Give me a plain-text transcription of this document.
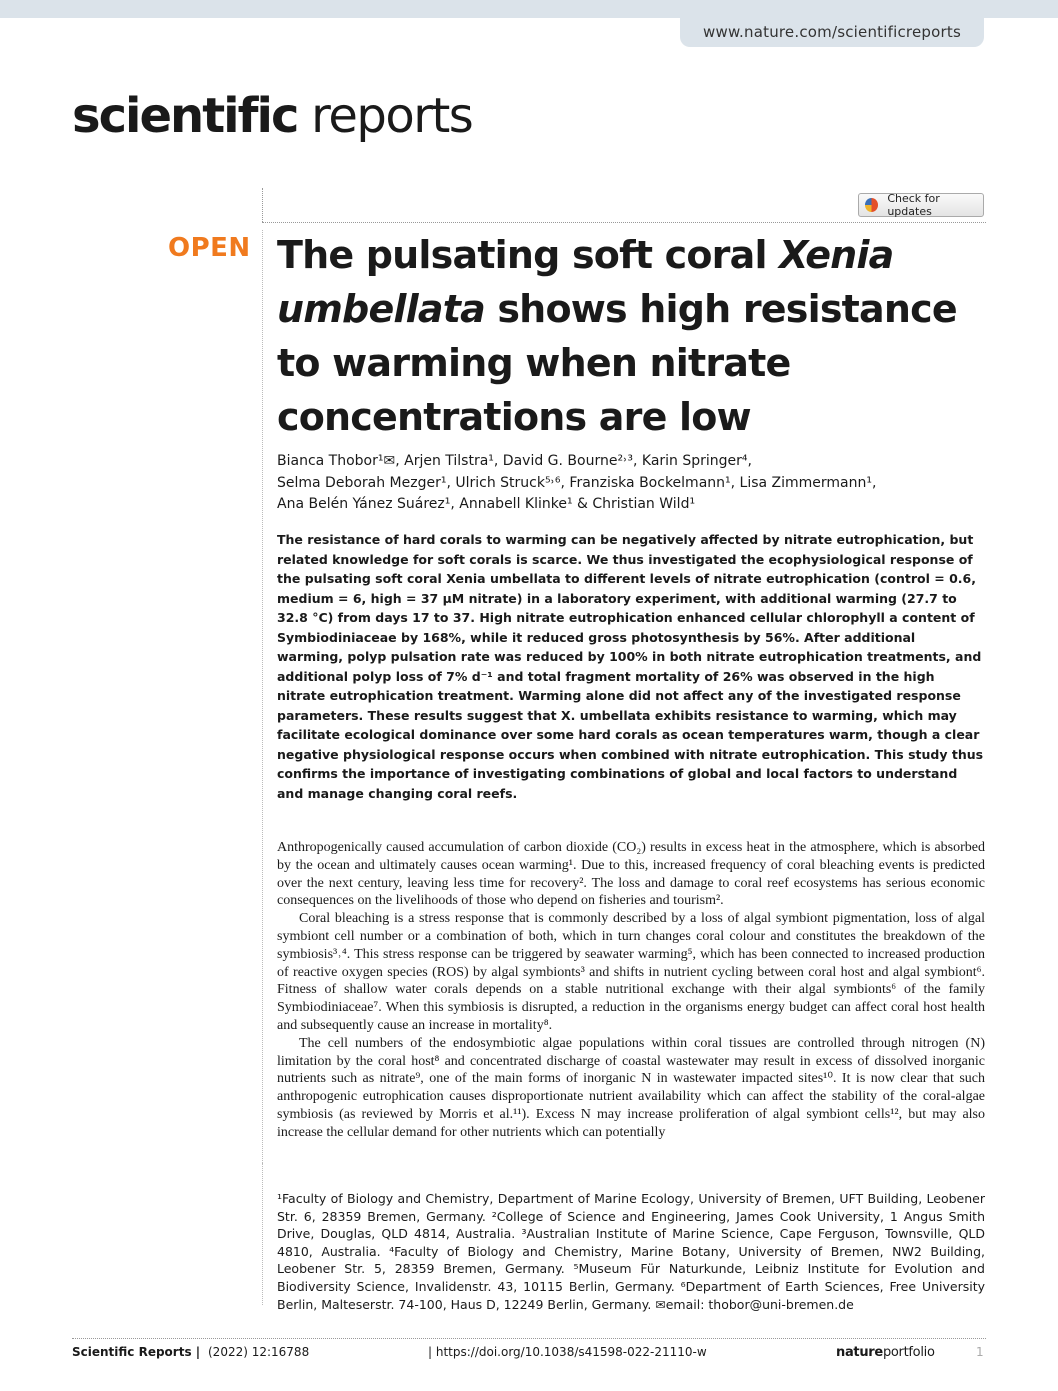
www.nature.com/scientificreports
scientific reports
Check for updates
OPEN The pulsating soft coral Xenia umbellata shows high resistance to warming when nitrate concentrations are low
Bianca Thobor¹✉, Arjen Tilstra¹, David G. Bourne²˒³, Karin Springer⁴,
Selma Deborah Mezger¹, Ulrich Struck⁵˒⁶, Franziska Bockelmann¹, Lisa Zimmermann¹,
Ana Belén Yánez Suárez¹, Annabell Klinke¹ & Christian Wild¹
The resistance of hard corals to warming can be negatively affected by nitrate eutrophication, but related knowledge for soft corals is scarce. We thus investigated the ecophysiological response of the pulsating soft coral Xenia umbellata to different levels of nitrate eutrophication (control = 0.6, medium = 6, high = 37 µM nitrate) in a laboratory experiment, with additional warming (27.7 to 32.8 °C) from days 17 to 37. High nitrate eutrophication enhanced cellular chlorophyll a content of Symbiodiniaceae by 168%, while it reduced gross photosynthesis by 56%. After additional warming, polyp pulsation rate was reduced by 100% in both nitrate eutrophication treatments, and additional polyp loss of 7% d⁻¹ and total fragment mortality of 26% was observed in the high nitrate eutrophication treatment. Warming alone did not affect any of the investigated response parameters. These results suggest that X. umbellata exhibits resistance to warming, which may facilitate ecological dominance over some hard corals as ocean temperatures warm, though a clear negative physiological response occurs when combined with nitrate eutrophication. This study thus confirms the importance of investigating combinations of global and local factors to understand and manage changing coral reefs.

Anthropogenically caused accumulation of carbon dioxide (CO₂) results in excess heat in the atmosphere, which is absorbed by the ocean and ultimately causes ocean warming¹. Due to this, increased frequency of coral bleaching events is predicted over the next century, leaving less time for recovery². The loss and damage to coral reef ecosystems has serious economic consequences on the livelihoods of those who depend on fisheries and tourism².

Coral bleaching is a stress response that is commonly described by a loss of algal symbiont pigmentation, loss of algal symbiont cell number or a combination of both, which in turn changes coral colour and constitutes the breakdown of the symbiosis³˒⁴. This stress response can be triggered by seawater warming⁵, which has been connected to increased production of reactive oxygen species (ROS) by algal symbionts³ and shifts in nutrient cycling between coral host and algal symbiont⁶. Fitness of shallow water corals depends on a stable nutritional exchange with their algal symbionts⁶ of the family Symbiodiniaceae⁷. When this symbiosis is disrupted, a reduction in the organisms energy budget can affect coral host health and subsequently cause an increase in mortality⁸.

The cell numbers of the endosymbiotic algae populations within coral tissues are controlled through nitrogen (N) limitation by the coral host⁸ and concentrated discharge of coastal wastewater may result in excess of dissolved inorganic nutrients such as nitrate⁹, one of the main forms of inorganic N in wastewater impacted sites¹⁰. It is now clear that such anthropogenic eutrophication causes disproportionate nutrient availability which can affect the stability of the coral-algae symbiosis (as reviewed by Morris et al.¹¹). Excess N may increase proliferation of algal symbiont cells¹², but may also increase the cellular demand for other nutrients which can potentially

¹Faculty of Biology and Chemistry, Department of Marine Ecology, University of Bremen, UFT Building, Leobener Str. 6, 28359 Bremen, Germany. ²College of Science and Engineering, James Cook University, 1 Angus Smith Drive, Douglas, QLD 4814, Australia. ³Australian Institute of Marine Science, Cape Ferguson, Townsville, QLD 4810, Australia. ⁴Faculty of Biology and Chemistry, Marine Botany, University of Bremen, NW2 Building, Leobener Str. 5, 28359 Bremen, Germany. ⁵Museum Für Naturkunde, Leibniz Institute for Evolution and Biodiversity Science, Invalidenstr. 43, 10115 Berlin, Germany. ⁶Department of Earth Sciences, Free University Berlin, Malteserstr. 74-100, Haus D, 12249 Berlin, Germany. ✉email: thobor@uni-bremen.de
Scientific Reports | (2022) 12:16788	| https://doi.org/10.1038/s41598-022-21110-w	natureportfolio	1
